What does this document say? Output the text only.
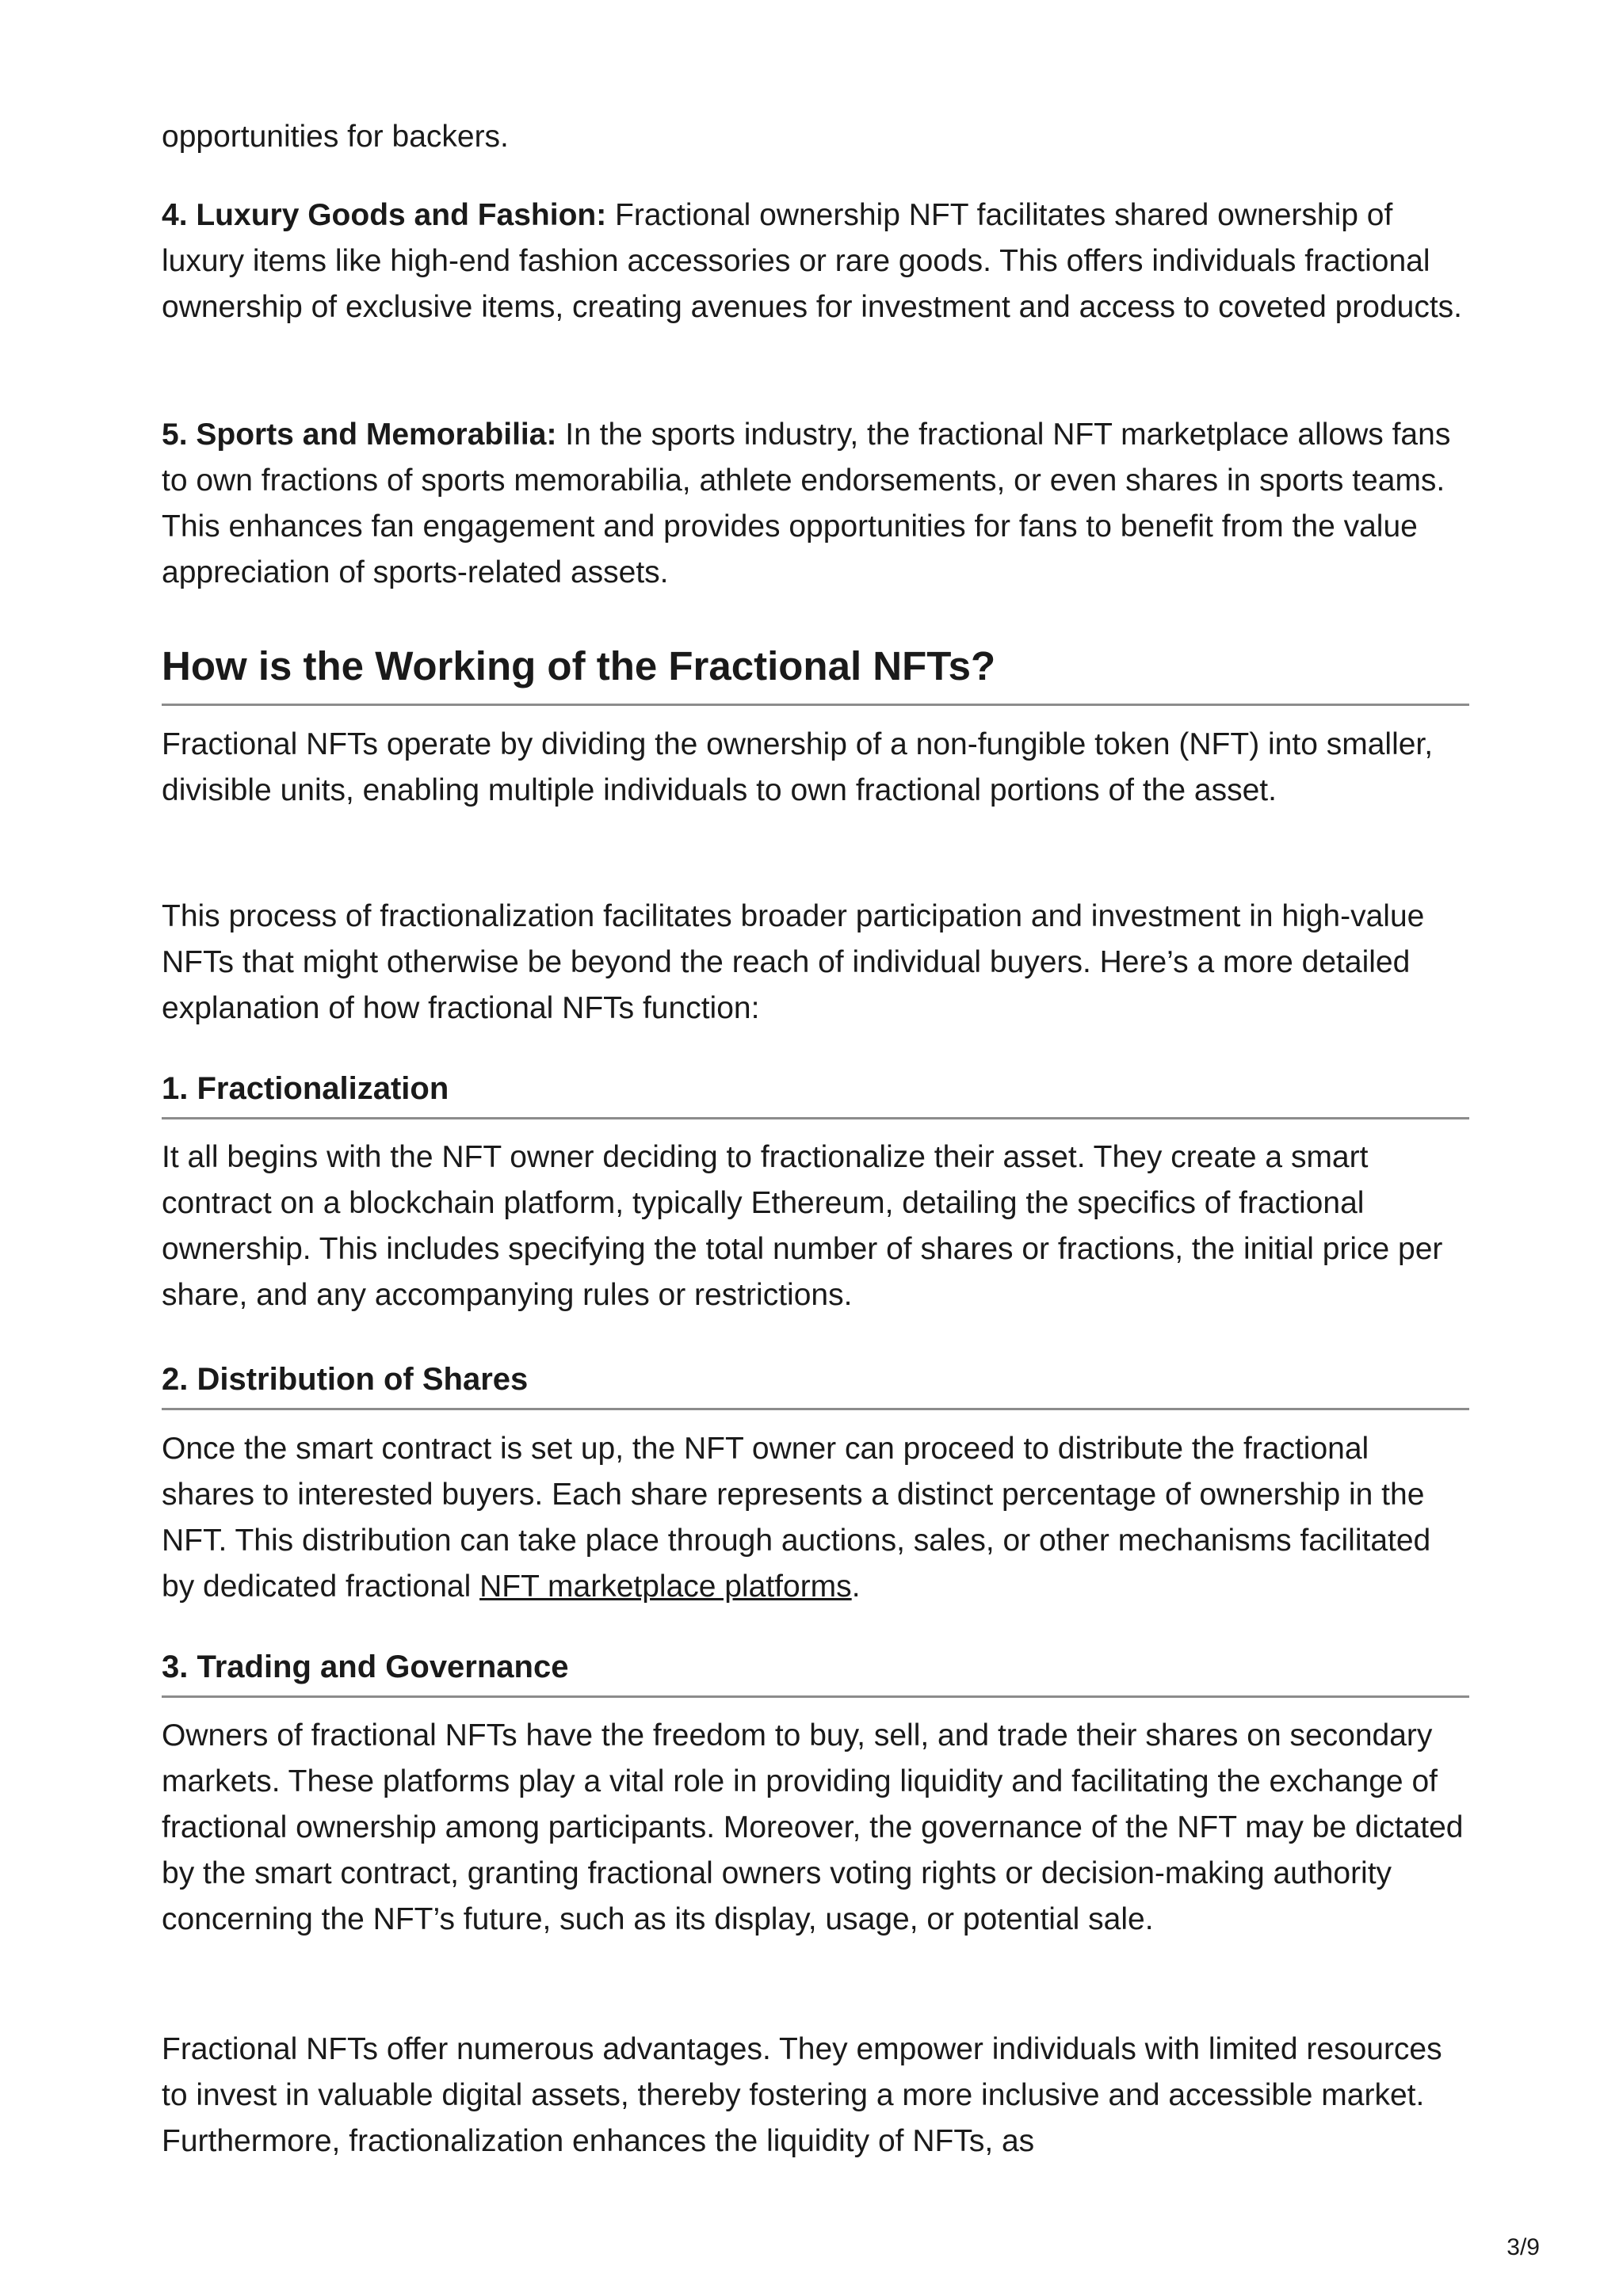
opportunities for backers.

4. Luxury Goods and Fashion: Fractional ownership NFT facilitates shared ownership of luxury items like high-end fashion accessories or rare goods. This offers individuals fractional ownership of exclusive items, creating avenues for investment and access to coveted products.

5. Sports and Memorabilia: In the sports industry, the fractional NFT marketplace allows fans to own fractions of sports memorabilia, athlete endorsements, or even shares in sports teams. This enhances fan engagement and provides opportunities for fans to benefit from the value appreciation of sports-related assets.

How is the Working of the Fractional NFTs?

Fractional NFTs operate by dividing the ownership of a non-fungible token (NFT) into smaller, divisible units, enabling multiple individuals to own fractional portions of the asset.

This process of fractionalization facilitates broader participation and investment in high-value NFTs that might otherwise be beyond the reach of individual buyers. Here’s a more detailed explanation of how fractional NFTs function:

1. Fractionalization

It all begins with the NFT owner deciding to fractionalize their asset. They create a smart contract on a blockchain platform, typically Ethereum, detailing the specifics of fractional ownership. This includes specifying the total number of shares or fractions, the initial price per share, and any accompanying rules or restrictions.

2. Distribution of Shares

Once the smart contract is set up, the NFT owner can proceed to distribute the fractional shares to interested buyers. Each share represents a distinct percentage of ownership in the NFT. This distribution can take place through auctions, sales, or other mechanisms facilitated by dedicated fractional NFT marketplace platforms.

3. Trading and Governance

Owners of fractional NFTs have the freedom to buy, sell, and trade their shares on secondary markets. These platforms play a vital role in providing liquidity and facilitating the exchange of fractional ownership among participants. Moreover, the governance of the NFT may be dictated by the smart contract, granting fractional owners voting rights or decision-making authority concerning the NFT’s future, such as its display, usage, or potential sale.

Fractional NFTs offer numerous advantages. They empower individuals with limited resources to invest in valuable digital assets, thereby fostering a more inclusive and accessible market. Furthermore, fractionalization enhances the liquidity of NFTs, as

3/9
